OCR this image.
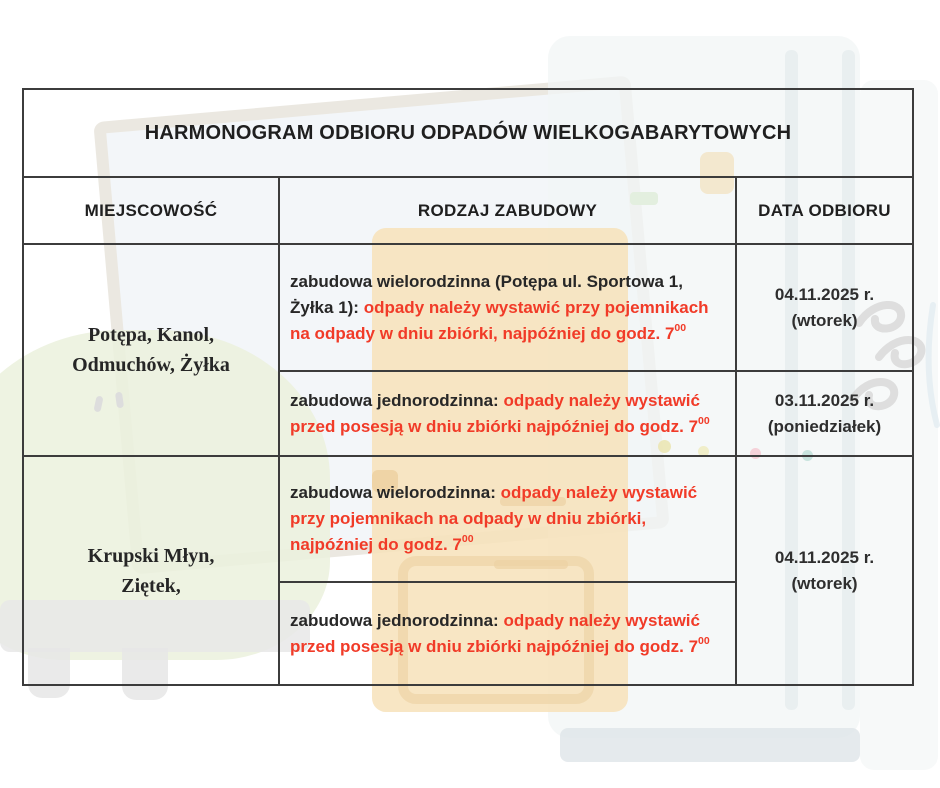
HARMONOGRAM ODBIORU ODPADÓW WIELKOGABARYTOWYCH
MIEJSCOWOŚĆ	RODZAJ ZABUDOWY	DATA ODBIORU
Potępa, Kanol,
Odmuchów, Żyłka
zabudowa wielorodzinna (Potępa ul. Sportowa 1, Żyłka 1): odpady należy wystawić przy pojemnikach na odpady w dniu zbiórki, najpóźniej do godz. $7^{00}$
04.11.2025 r.
(wtorek)
zabudowa jednorodzinna: odpady należy wystawić przed posesją w dniu zbiórki najpóźniej do godz. $7^{00}$
03.11.2025 r.
(poniedziałek)
Krupski Młyn,
Ziętek,
zabudowa wielorodzinna: odpady należy wystawić przy pojemnikach na odpady w dniu zbiórki, najpóźniej do godz. $7^{00}$
04.11.2025 r.
(wtorek)
zabudowa jednorodzinna: odpady należy wystawić przed posesją w dniu zbiórki najpóźniej do godz. $7^{00}$
